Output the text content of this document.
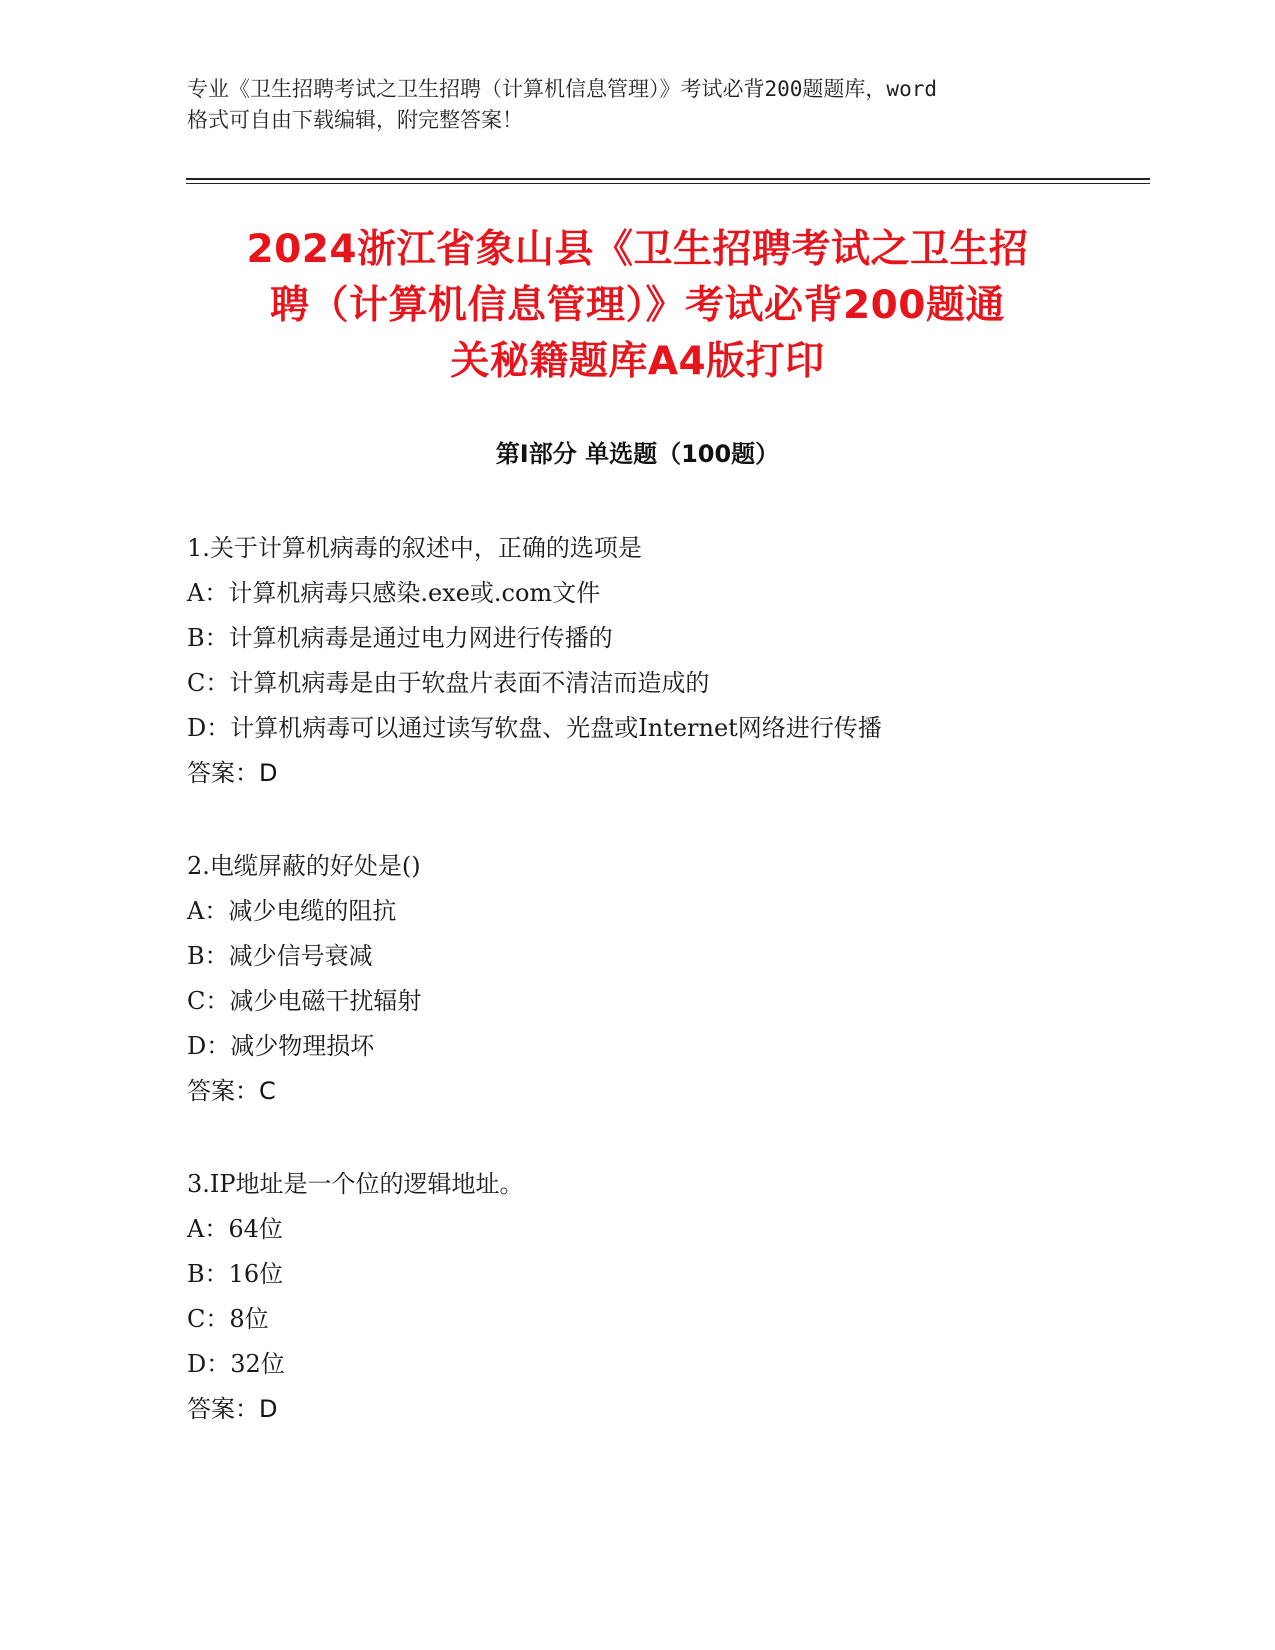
专业《卫生招聘考试之卫生招聘（计算机信息管理）》考试必背200题题库，word
格式可自由下载编辑，附完整答案！
2024浙江省象山县《卫生招聘考试之卫生招
聘（计算机信息管理）》考试必背200题通
关秘籍题库A4版打印
第Ⅰ部分 单选题（100题）
1.关于计算机病毒的叙述中，正确的选项是
A：计算机病毒只感染.exe或.com文件
B：计算机病毒是通过电力网进行传播的
C：计算机病毒是由于软盘片表面不清洁而造成的
D：计算机病毒可以通过读写软盘、光盘或Internet网络进行传播
答案：D
2.电缆屏蔽的好处是()
A：减少电缆的阻抗
B：减少信号衰减
C：减少电磁干扰辐射
D：减少物理损坏
答案：C
3.IP地址是一个位的逻辑地址。
A：64位
B：16位
C：8位
D：32位
答案：D
